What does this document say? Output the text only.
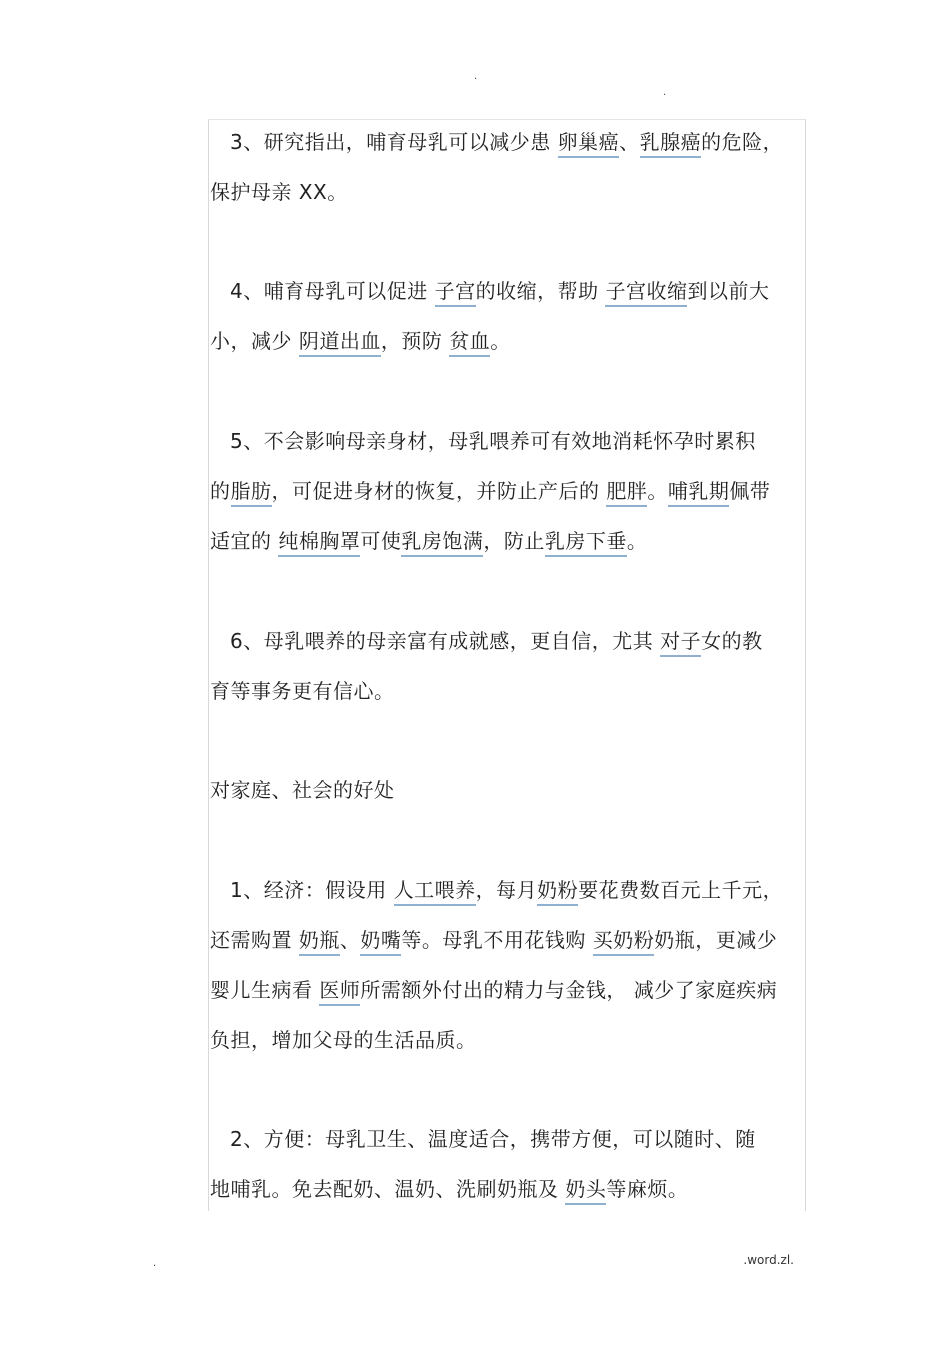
.
.
3、研究指出，哺育母乳可以减少患 卵巢癌、乳腺癌的危险，
保护母亲 XX。
4、哺育母乳可以促进 子宫的收缩，帮助 子宫收缩到以前大
小，减少 阴道出血，预防 贫血。
5、不会影响母亲身材，母乳喂养可有效地消耗怀孕时累积
的脂肪，可促进身材的恢复，并防止产后的 肥胖。哺乳期佩带
适宜的 纯棉胸罩可使乳房饱满，防止乳房下垂。
6、母乳喂养的母亲富有成就感，更自信，尤其 对子女的教
育等事务更有信心。
对家庭、社会的好处
1、经济：假设用 人工喂养，每月奶粉要花费数百元上千元，
还需购置 奶瓶、奶嘴等。母乳不用花钱购 买奶粉奶瓶，更减少
婴儿生病看 医师所需额外付出的精力与金钱， 减少了家庭疾病
负担，增加父母的生活品质。
2、方便：母乳卫生、温度适合，携带方便，可以随时、随
地哺乳。免去配奶、温奶、洗刷奶瓶及 奶头等麻烦。
.	.word.zl.
